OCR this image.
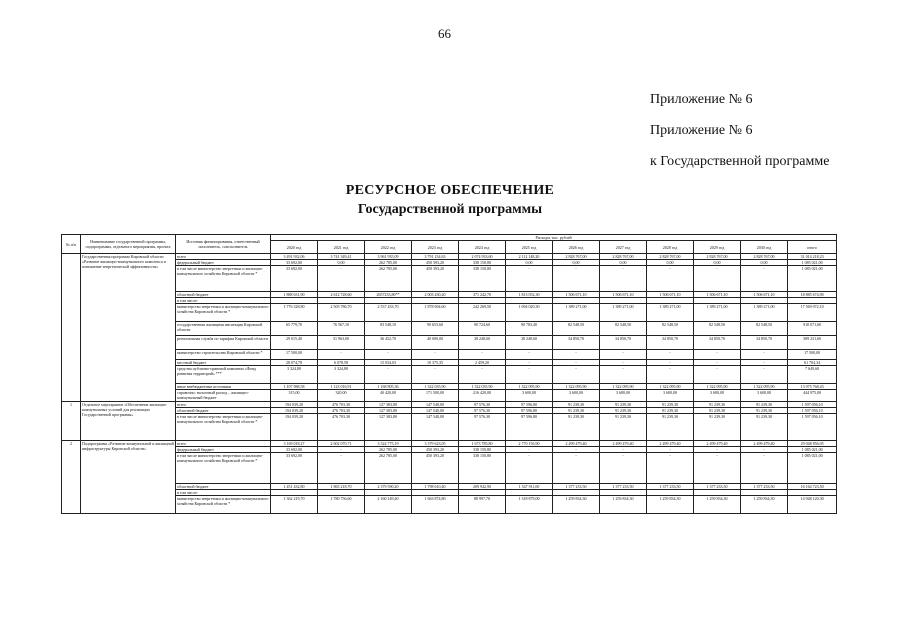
66
Приложение № 6
Приложение № 6
к Государственной программе
РЕСУРСНОЕ ОБЕСПЕЧЕНИЕ
Государственной программы
№ п/п	Наименование государственной программы, подпрограммы, отдельного мероприятия, проекта	Источник финансирования, ответственный исполнитель, соисполнитель	Расходы, тыс. рублей											
			2020 год	2021 год	2022 год	2023 год	2024 год	2025 год	2026 год	2027 год	2028 год	2029 год	2030 год	итого
	Государственная программа Кировской области «Развитие жилищно-коммунального комплекса и повышение энергетической эффективности»	всего	3 491 932,06	3 741 349,41	3 961 935,09	3 791 234,63	2 074 933,60	2 112 148,20	2 828 767,00	2 828 767,00	2 828 767,00	2 828 767,00	2 828 767,00	31 014 218,23
		федеральный бюджет	33 692,00	0,00	262 785,00	450 393,20	338 150,80	0,00	0,00	0,00	0,00	0,00	0,00	1 085 021,00
		в том числе министерство энергетики и жилищно-коммунального хозяйства Кировской области *	33 692,00	-	262 785,00	450 393,20	338 150,80	-	-	-	-	-	-	1 085 021,00
		областной бюджет	1 888 631,90	2 612 728,60	2657233,80**	2 003 430,20	371 242,70	1 813 052,30	1 506 671,10	1 506 671,10	1 506 671,10	1 506 671,10	1 506 671,10	18 885 674,90
		в том числе:												
		министерство энергетики и жилищно-коммунального хозяйства Кировской области *	1 776 328,80	2 505 786,70	2 537 433,70	1 878 694,60	242 269,50	1 694 020,30	1 389 271,00	1 389 271,00	1 389 271,00	1 389 271,00	1 389 271,00	17 569 072,10
		государственная жилищная инспекция Кировской области	65 779,70	76 567,10	83 548,10	90 653,60	90 724,60	90 783,40	82 548,50	82 548,50	82 548,50	82 548,50	82 548,50	910 071,60
		региональная служба по тарифам Кировской области	29 015,40	31 963,00	36 452,70	40 000,00	38 248,60	38 248,60	34 850,70	34 850,70	34 850,70	34 850,70	34 850,70	389 231,60
		министерство строительства Кировской области *	17 500,00	-	-	-	-	-	-	-	-	-	-	17 500,00
		местный бюджет	28 074,78	6 078,58	15 034,03	10 375,35	2 459,20	-	-	-	-	-	-	61 704,34
		средства публично-правовой компании «Фонд развития территорий» ***	3 324,80	3 324,80	-	-	-	-	-	-	-	-	-	7 649,60
		иные внебюджетные источники	1 107 988,58	1 123 016,91	1 168 805,36	1 322 035,90	1 322 035,90	1 322 095,90	1 322 095,90	1 322 095,90	1 322 095,90	1 322 095,90	1 322 095,90	13 975 768,43
		справочно: налоговый расход – жилищно-коммунальный бюджет	315,00	320,00	40 420,00	171 500,00	216 420,00	3 600,00	3 600,00	3 600,00	3 600,00	3 600,00	3 600,00	444 975,00
1	Отдельное мероприятие «Обеспечение жилищно-коммунальных условий для реализации Государственной программы»	всего	194 039,20	476 703,30	127 383,80	147 540,00	97 576,30	97 596,80	91 239,30	91 239,30	91 239,30	91 239,30	91 239,30	1 597 056,10
		областной бюджет	194 039,20	476 703,30	127 383,80	147 540,00	97 576,30	97 596,80	91 239,30	91 239,30	91 239,30	91 239,30	91 239,30	1 597 056,10
		в том числе министерство энергетики и жилищно-коммунального хозяйства Кировской области *	194 039,20	476 703,30	127 383,80	147 540,00	97 576,30	97 596,80	91 239,30	91 239,30	91 239,30	91 239,30	91 239,30	1 597 056,10
2	Подпрограмма «Развитие коммунальной и жилищной инфраструктуры Кировской области»	всего	3 169 018,27	2 602 070,71	3 324 775,19	3 379 623,05	1 673 785,80	2 770 156,90	2 499 479,40	2 499 479,40	2 499 479,40	2 499 479,40	2 499 479,40	29 048 856,05
		федеральный бюджет	33 692,00	-	262 785,00	450 393,20	338 150,80	-	-	-	-	-	-	1 085 021,00
		в том числе министерство энергетики и жилищно-коммунального хозяйства Кировской области *	33 692,00	-	262 785,00	450 393,20	338 150,80	-	-	-	-	-	-	1 085 021,00
		областной бюджет	1 451 432,80	1 865 218,70	2 379 590,20	1 798 610,40	209 942,90	1 547 911,00	1 377 233,50	1 377 233,50	1 377 233,50	1 377 233,50	1 377 233,50	16 164 723,50
		в том числе:												
		министерство энергетики и жилищно-коммунального хозяйства Кировской области *	1 362 219,70	1 780 756,60	2 160 149,40	1 663 874,80	88 997,70	1 318 879,00	1 259 834,30	1 259 834,30	1 259 834,30	1 259 834,30	1 259 834,30	14 948 120,30
